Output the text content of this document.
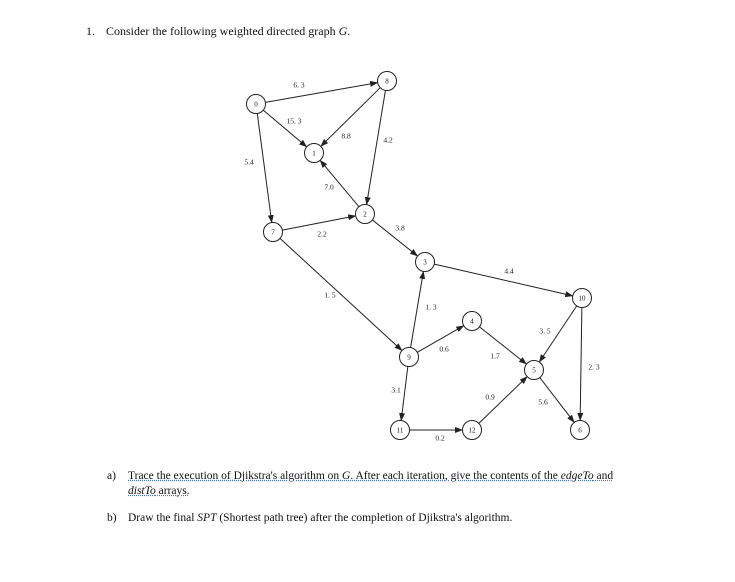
1. Consider the following weighted directed graph G.
6. 3
15. 3
5.4
8.8	4.2
7.0
2.2
3.8
1. 5
4.4
1. 3
0.6
1.7
3. 5
2. 3
3.1
0.2
0.9
5.6
0
8
1
2
7
3
10
4
9
5
11	12	6
a) Trace the execution of Djikstra's algorithm on G. After each iteration, give the contents of the edgeTo and
distTo arrays.
b) Draw the final SPT (Shortest path tree) after the completion of Djikstra's algorithm.
